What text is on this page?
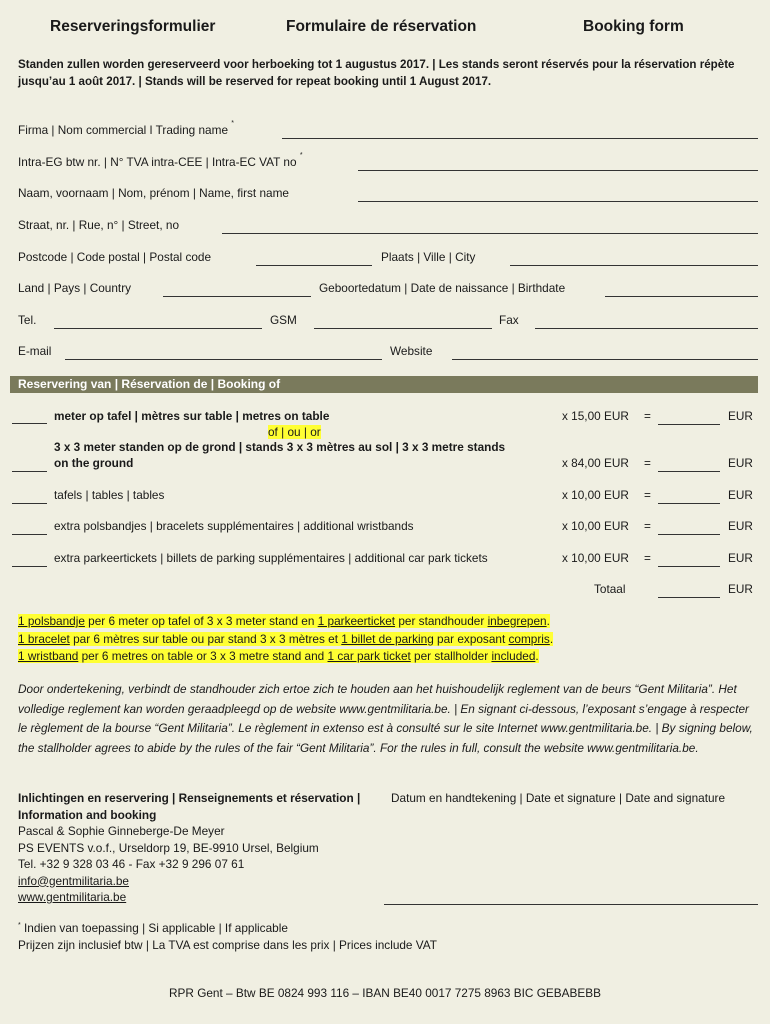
Reserveringsformulier	Formulaire de réservation	Booking form
Standen zullen worden gereserveerd voor herboeking tot 1 augustus 2017. | Les stands seront réservés pour la réservation répète jusqu’au 1 août 2017. | Stands will be reserved for repeat booking until 1 August 2017.
Firma | Nom commercial ǀ Trading name *
Intra-EG btw nr. | N° TVA intra-CEE | Intra-EC VAT no *
Naam, voornaam | Nom, prénom | Name, first name
Straat, nr. | Rue, n° | Street, no
Postcode | Code postal | Postal code	Plaats | Ville | City
Land | Pays | Country	Geboortedatum | Date de naissance | Birthdate
Tel.	GSM	Fax
E-mail	Website
Reservering van | Réservation de | Booking of
meter op tafel | mètres sur table | metres on table	x 15,00 EUR =	EUR
of | ou | or
3 x 3 meter standen op de grond | stands 3 x 3 mètres au sol | 3 x 3 metre stands
on the ground	x 84,00 EUR =	EUR
tafels | tables | tables	x 10,00 EUR =	EUR
extra polsbandjes | bracelets supplémentaires | additional wristbands	x 10,00 EUR =	EUR
extra parkeertickets | billets de parking supplémentaires | additional car park tickets	x 10,00 EUR =	EUR
Totaal	EUR
1 polsbandje per 6 meter op tafel of 3 x 3 meter stand en 1 parkeerticket per standhouder inbegrepen.
1 bracelet par 6 mètres sur table ou par stand 3 x 3 mètres et 1 billet de parking par exposant compris.
1 wristband per 6 metres on table or 3 x 3 metre stand and 1 car park ticket per stallholder included.
Door ondertekening, verbindt de standhouder zich ertoe zich te houden aan het huishoudelijk reglement van de beurs “Gent Militaria”. Het volledige reglement kan worden geraadpleegd op de website www.gentmilitaria.be. | En signant ci-dessous, l’exposant s’engage à respecter le règlement de la bourse “Gent Militaria”. Le règlement in extenso est à consulté sur le site Internet www.gentmilitaria.be. | By signing below, the stallholder agrees to abide by the rules of the fair “Gent Militaria”. For the rules in full, consult the website www.gentmilitaria.be.
Inlichtingen en reservering | Renseignements et réservation | Information and booking
Pascal & Sophie Ginneberge-De Meyer
PS EVENTS v.o.f., Urseldorp 19, BE-9910 Ursel, Belgium
Tel. +32 9 328 03 46 - Fax +32 9 296 07 61
info@gentmilitaria.be
www.gentmilitaria.be
Datum en handtekening | Date et signature | Date and signature
* Indien van toepassing | Si applicable | If applicable
Prijzen zijn inclusief btw | La TVA est comprise dans les prix | Prices include VAT
RPR Gent – Btw BE 0824 993 116 – IBAN BE40 0017 7275 8963 BIC GEBABEBB
